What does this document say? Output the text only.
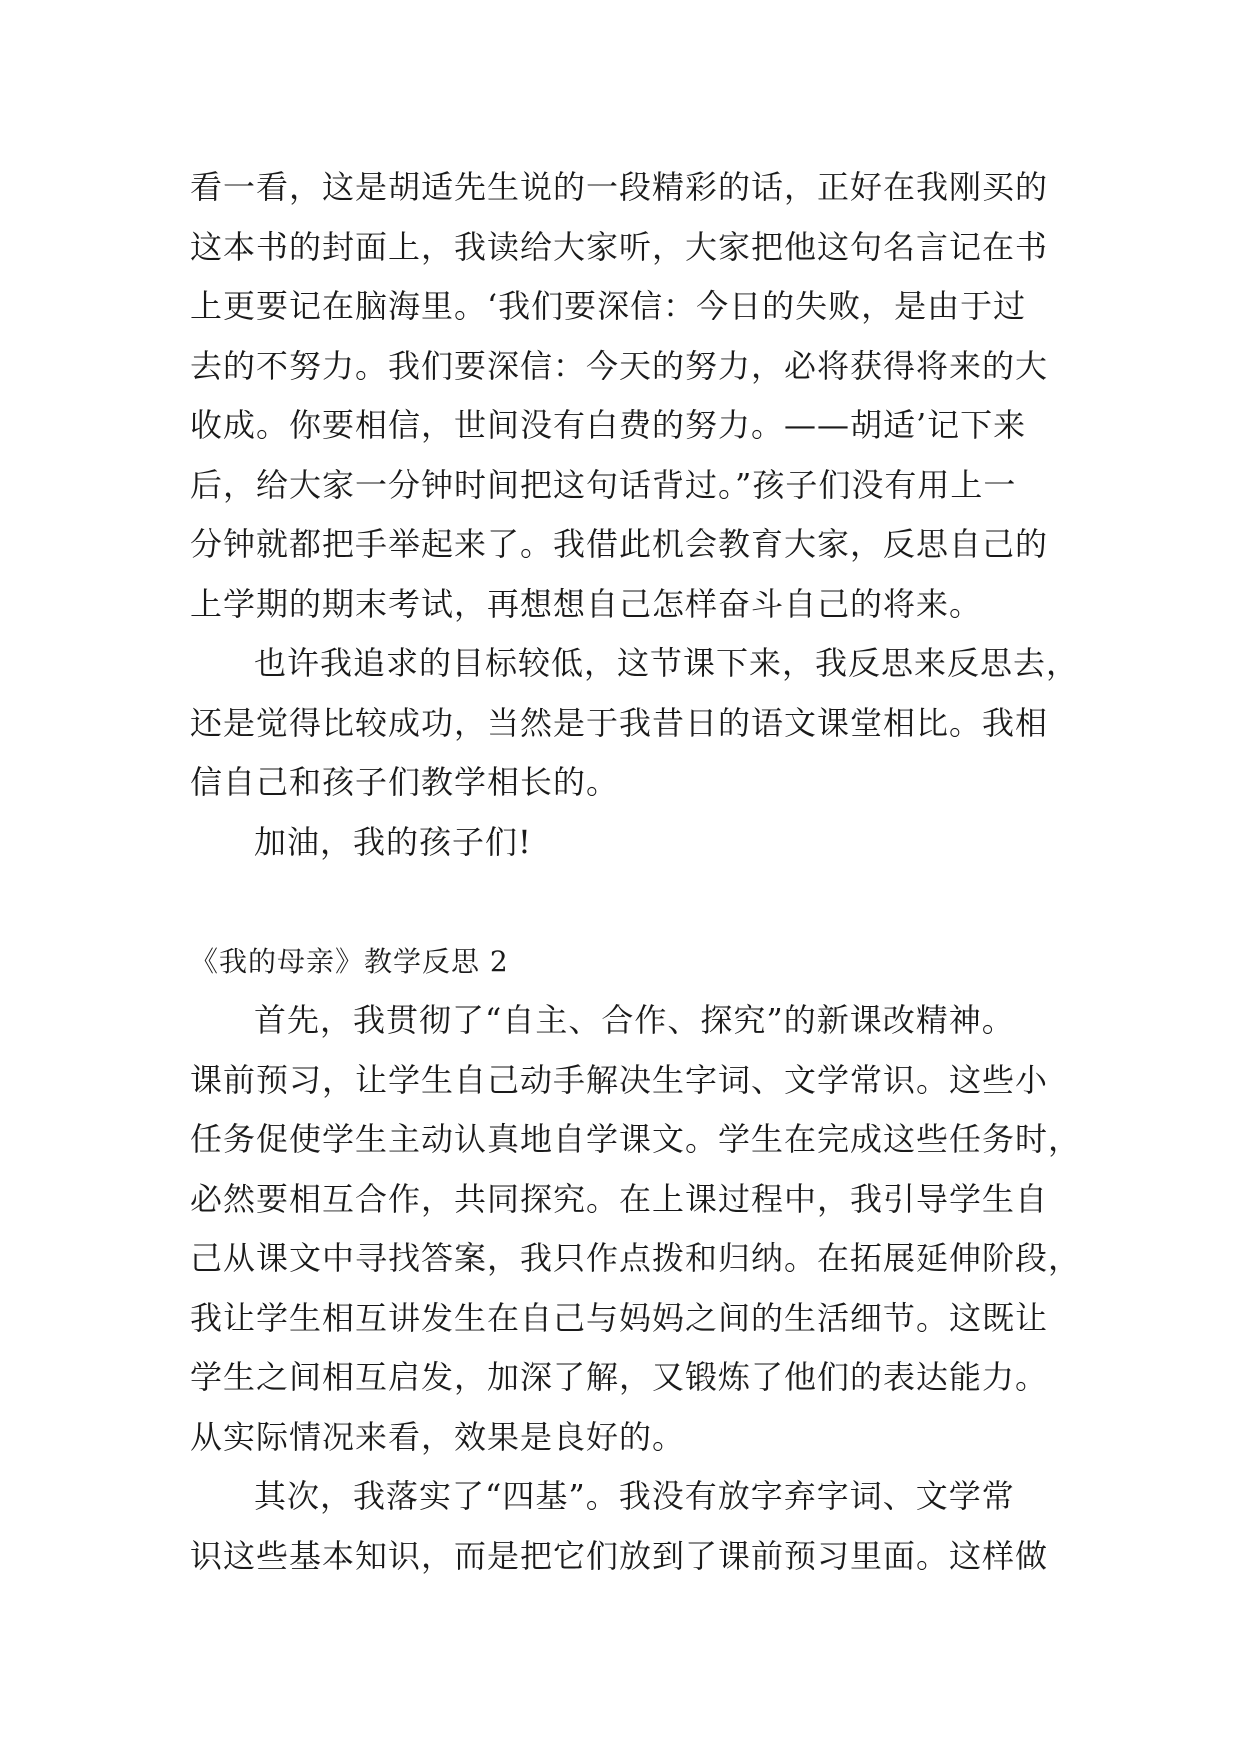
看一看，这是胡适先生说的一段精彩的话，正好在我刚买的
这本书的封面上，我读给大家听，大家把他这句名言记在书
上更要记在脑海里。‘我们要深信：今日的失败，是由于过
去的不努力。我们要深信：今天的努力，必将获得将来的大
收成。你要相信，世间没有白费的努力。——胡适’记下来
后，给大家一分钟时间把这句话背过。”孩子们没有用上一
分钟就都把手举起来了。我借此机会教育大家，反思自己的
上学期的期末考试，再想想自己怎样奋斗自己的将来。
也许我追求的目标较低，这节课下来，我反思来反思去，
还是觉得比较成功，当然是于我昔日的语文课堂相比。我相
信自己和孩子们教学相长的。
加油，我的孩子们!
《我的母亲》教学反思 2
首先，我贯彻了“自主、合作、探究”的新课改精神。
课前预习，让学生自己动手解决生字词、文学常识。这些小
任务促使学生主动认真地自学课文。学生在完成这些任务时，
必然要相互合作，共同探究。在上课过程中，我引导学生自
己从课文中寻找答案，我只作点拨和归纳。在拓展延伸阶段，
我让学生相互讲发生在自己与妈妈之间的生活细节。这既让
学生之间相互启发，加深了解，又锻炼了他们的表达能力。
从实际情况来看，效果是良好的。
其次，我落实了“四基”。我没有放字弃字词、文学常
识这些基本知识，而是把它们放到了课前预习里面。这样做
